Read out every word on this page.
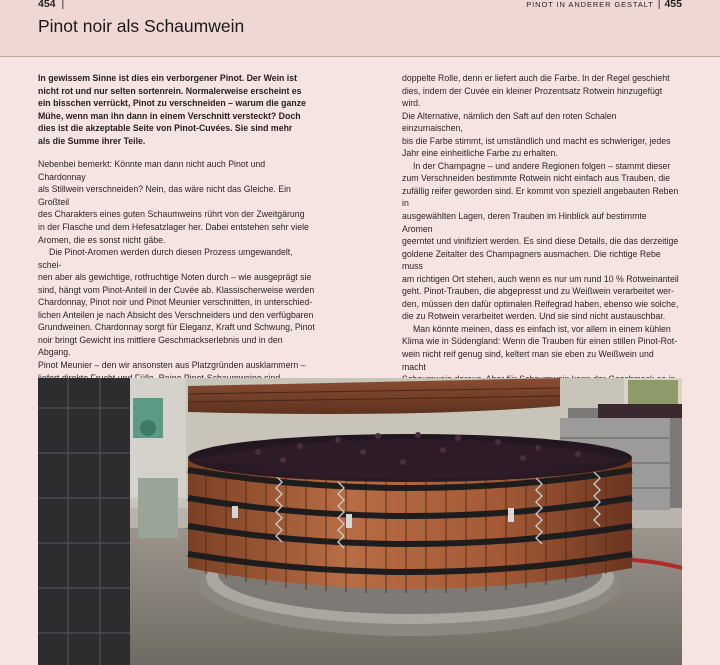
454 |	PINOT IN ANDERER GESTALT | 455
Pinot noir als Schaumwein

In gewissem Sinne ist dies ein verborgener Pinot. Der Wein ist
nicht rot und nur selten sortenrein. Normalerweise erscheint es
ein bisschen verrückt, Pinot zu verschneiden – warum die ganze
Mühe, wenn man ihn dann in einem Verschnitt versteckt? Doch
dies ist die akzeptable Seite von Pinot-Cuvées. Sie sind mehr
als die Summe ihrer Teile.

Nebenbei bemerkt: Könnte man dann nicht auch Pinot und Chardonnay
als Stillwein verschneiden? Nein, das wäre nicht das Gleiche. Ein Großteil
des Charakters eines guten Schaumweins rührt von der Zweitgärung
in der Flasche und dem Hefesatzlager her. Dabei entstehen sehr viele
Aromen, die es sonst nicht gäbe.

Die Pinot-Aromen werden durch diesen Prozess umgewandelt, schei-
nen aber als gewichtige, rotfruchtige Noten durch – wie ausgeprägt sie
sind, hängt vom Pinot-Anteil in der Cuvée ab. Klassischerweise werden
Chardonnay, Pinot noir und Pinot Meunier verschnitten, in unterschied-
lichen Anteilen je nach Absicht des Verschneiders und den verfügbaren
Grundweinen. Chardonnay sorgt für Eleganz, Kraft und Schwung, Pinot
noir bringt Gewicht ins mittlere Geschmackserlebnis und in den Abgang.
Pinot Meunier – den wir ansonsten aus Platzgründen ausklammern –

doppelte Rolle, denn er liefert auch die Farbe. In der Regel geschieht
dies, indem der Cuvée ein kleiner Prozentsatz Rotwein hinzugefügt wird.
Die Alternative, nämlich den Saft auf den roten Schalen einzumaischen,
bis die Farbe stimmt, ist umständlich und macht es schwieriger, jedes
Jahr eine einheitliche Farbe zu erhalten.

In der Champagne – und andere Regionen folgen – stammt dieser
zum Verschneiden bestimmte Rotwein nicht einfach aus Trauben, die
zufällig reifer geworden sind. Er kommt von speziell angebauten Reben in
ausgewählten Lagen, deren Trauben im Hinblick auf bestimmte Aromen
geerntet und vinifiziert werden. Es sind diese Details, die das derzeitige
goldene Zeitalter des Champagners ausmachen. Die richtige Rebe muss
am richtigen Ort stehen, auch wenn es nur um rund 10 % Rotweinanteil
geht. Pinot-Trauben, die abgepresst und zu Weißwein verarbeitet wer-
den, müssen den dafür optimalen Reifegrad haben, ebenso wie solche,
die zu Rotwein verarbeitet werden. Und sie sind nicht austauschbar.

Man könnte meinen, dass es einfach ist, vor allem in einem kühlen
Klima wie in Südengland: Wenn die Trauben für einen stillen Pinot-Rot-
wein nicht reif genug sind, keltert man sie eben zu Weißwein und macht
